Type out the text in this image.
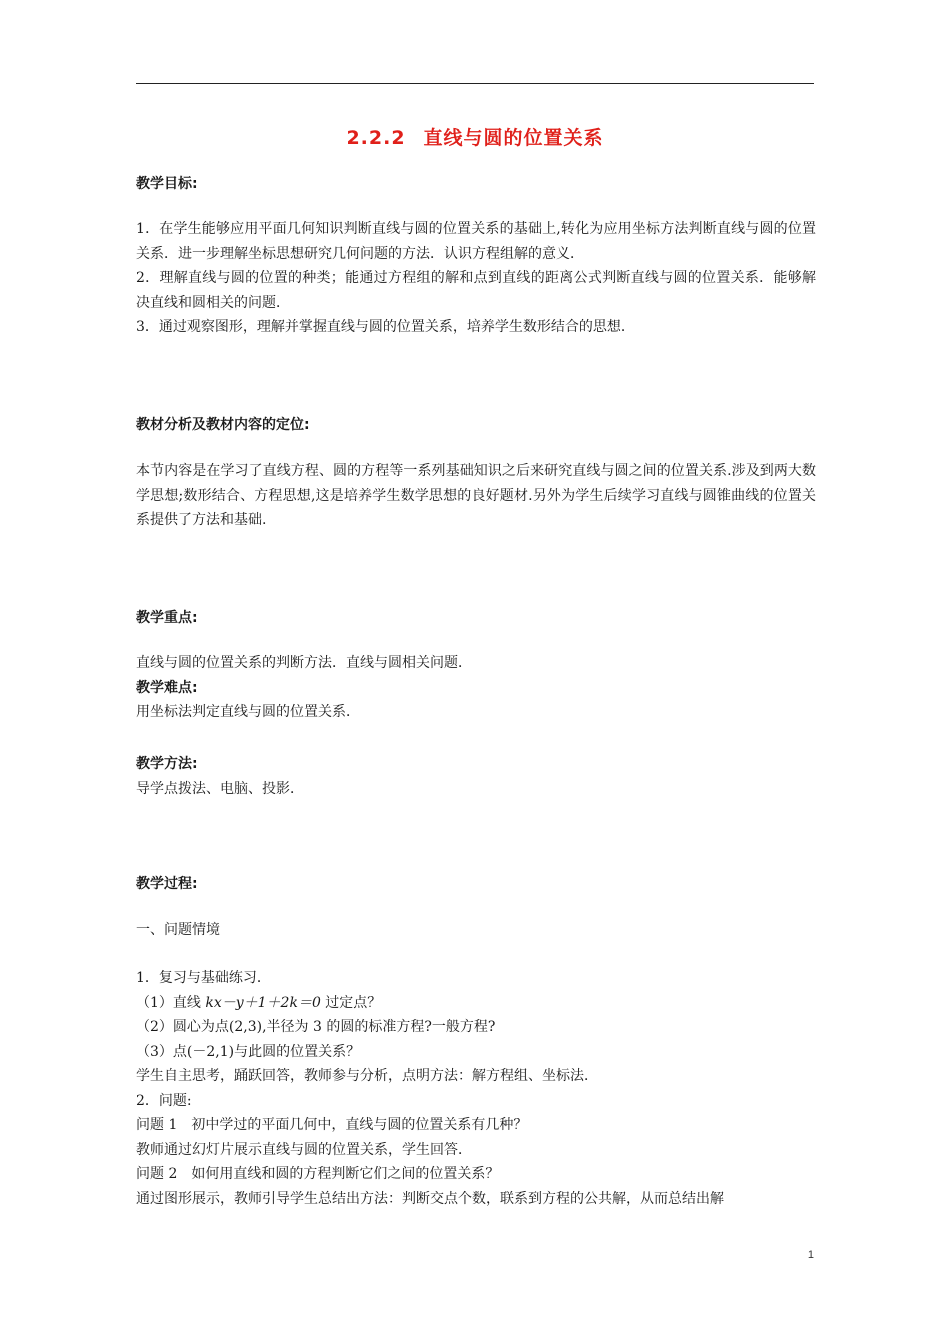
2.2.2 直线与圆的位置关系
教学目标:
1．在学生能够应用平面几何知识判断直线与圆的位置关系的基础上,转化为应用坐标方法判断直线与圆的位置关系．进一步理解坐标思想研究几何问题的方法．认识方程组解的意义．
2．理解直线与圆的位置的种类；能通过方程组的解和点到直线的距离公式判断直线与圆的位置关系．能够解决直线和圆相关的问题．
3．通过观察图形，理解并掌握直线与圆的位置关系，培养学生数形结合的思想．
教材分析及教材内容的定位:
本节内容是在学习了直线方程、圆的方程等一系列基础知识之后来研究直线与圆之间的位置关系.涉及到两大数学思想;数形结合、方程思想,这是培养学生数学思想的良好题材.另外为学生后续学习直线与圆锥曲线的位置关系提供了方法和基础.
教学重点:
直线与圆的位置关系的判断方法．直线与圆相关问题．
教学难点:
用坐标法判定直线与圆的位置关系．
教学方法:
导学点拨法、电脑、投影．
教学过程:
一、问题情境
1．复习与基础练习．
（1）直线 kx－y＋1＋2k＝0 过定点？
（2）圆心为点(2,3),半径为 3 的圆的标准方程?一般方程?
（3）点(－2,1)与此圆的位置关系？
学生自主思考，踊跃回答，教师参与分析，点明方法：解方程组、坐标法．
2．问题:
问题 1　初中学过的平面几何中，直线与圆的位置关系有几种？
教师通过幻灯片展示直线与圆的位置关系，学生回答．
问题 2　如何用直线和圆的方程判断它们之间的位置关系？
通过图形展示，教师引导学生总结出方法：判断交点个数，联系到方程的公共解，从而总结出解
1
